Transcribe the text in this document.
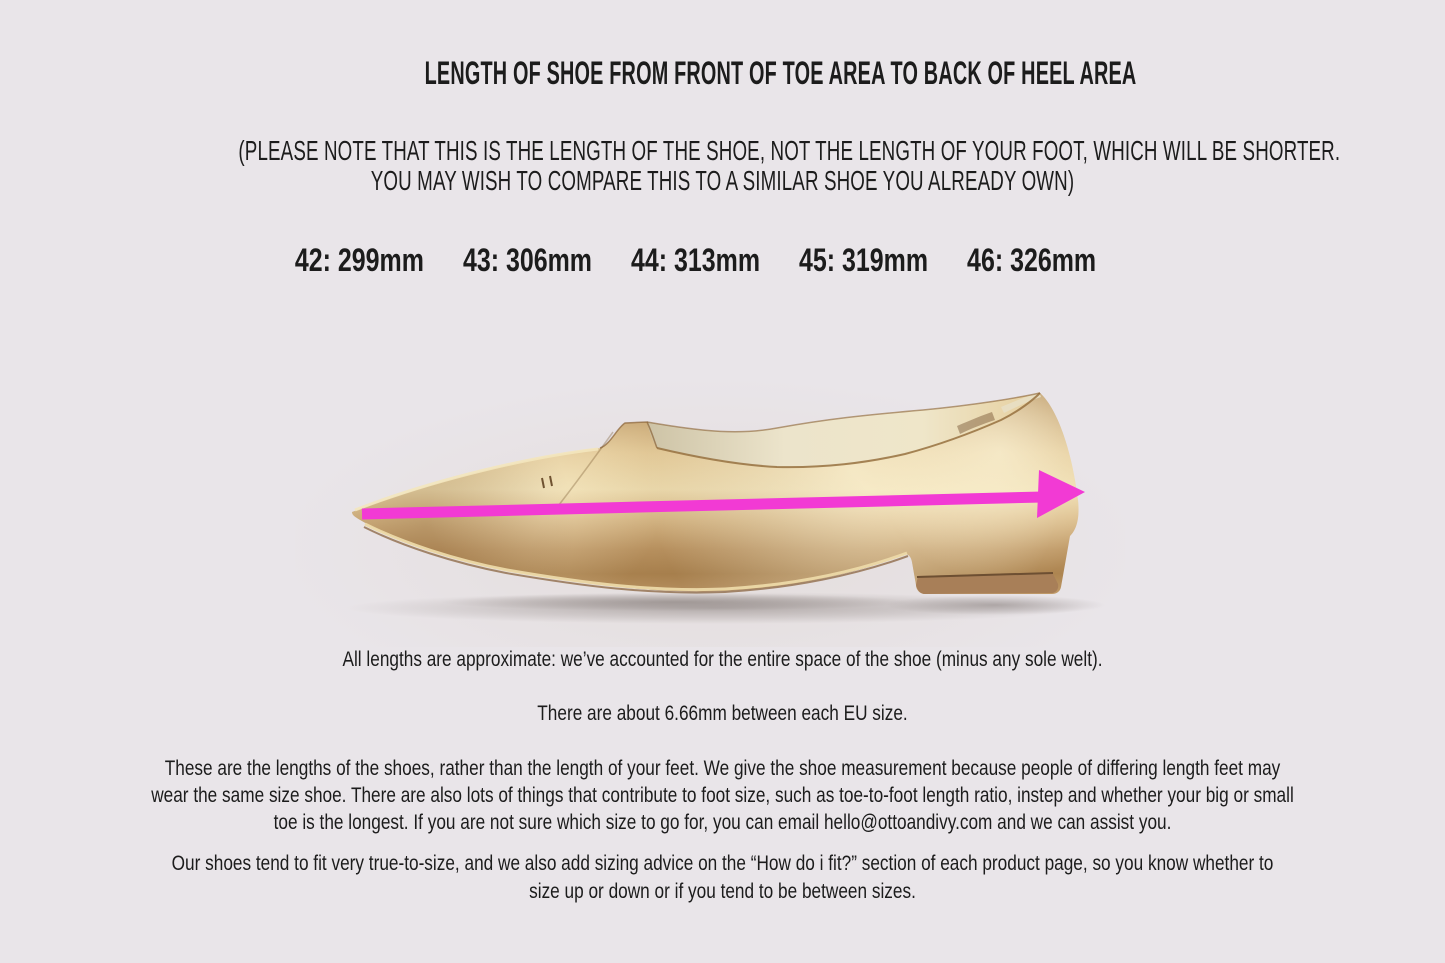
LENGTH OF SHOE FROM FRONT OF TOE AREA TO BACK OF HEEL AREA
(PLEASE NOTE THAT THIS IS THE LENGTH OF THE SHOE, NOT THE LENGTH OF YOUR FOOT, WHICH WILL BE SHORTER.
YOU MAY WISH TO COMPARE THIS TO A SIMILAR SHOE YOU ALREADY OWN)
42: 299mm 43: 306mm 44: 313mm 45: 319mm 46: 326mm

All lengths are approximate: we’ve accounted for the entire space of the shoe (minus any sole welt).

There are about 6.66mm between each EU size.

These are the lengths of the shoes, rather than the length of your feet. We give the shoe measurement because people of differing length feet may
wear the same size shoe. There are also lots of things that contribute to foot size, such as toe-to-foot length ratio, instep and whether your big or small
toe is the longest. If you are not sure which size to go for, you can email hello@ottoandivy.com and we can assist you.
Our shoes tend to fit very true-to-size, and we also add sizing advice on the “How do i fit?” section of each product page, so you know whether to
size up or down or if you tend to be between sizes.
